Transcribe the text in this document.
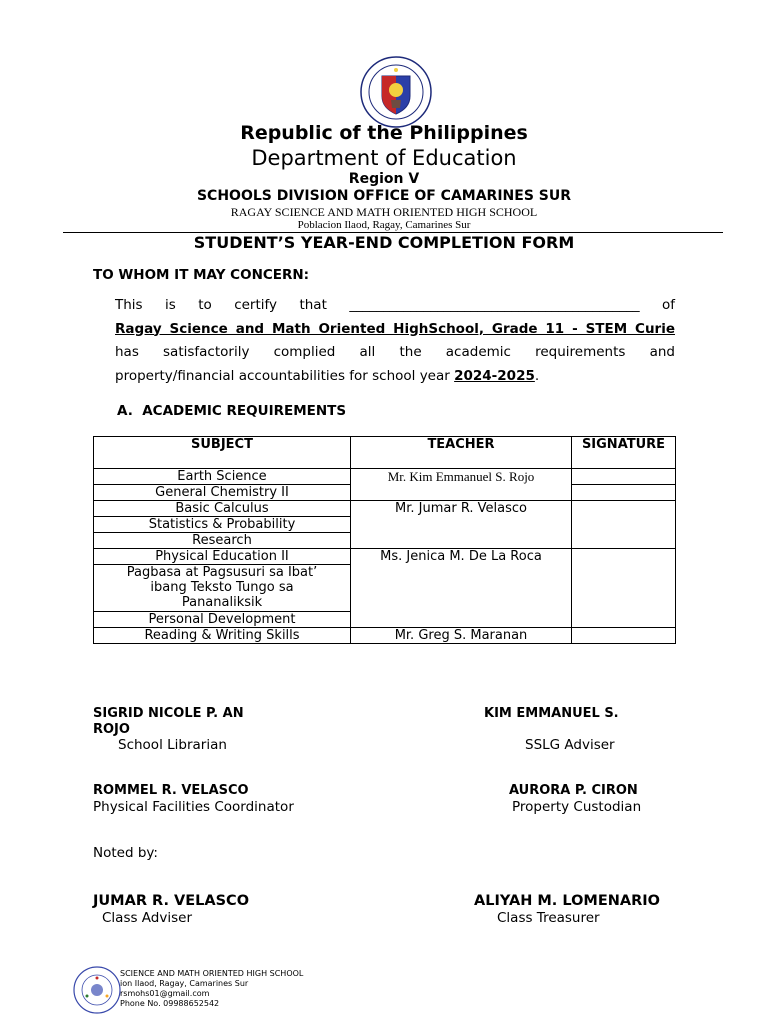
Republic of the Philippines
Department of Education
Region V
SCHOOLS DIVISION OFFICE OF CAMARINES SUR
RAGAY SCIENCE AND MATH ORIENTED HIGH SCHOOL
Poblacion Ilaod, Ragay, Camarines Sur
STUDENT’S YEAR-END COMPLETION FORM
TO WHOM IT MAY CONCERN:
This is to certify that ___________________________________________ of
Ragay Science and Math Oriented HighSchool, Grade 11 - STEM Curie
has satisfactorily complied all the academic requirements and
property/financial accountabilities for school year 2024-2025.
A. ACADEMIC REQUIREMENTS
SUBJECT	TEACHER	SIGNATURE

Earth Science	Mr. Kim Emmanuel S. Rojo	
General Chemistry II		
Basic Calculus	Mr. Jumar R. Velasco	
Statistics & Probability		
Research		
Physical Education II	Ms. Jenica M. De La Roca	

Pagbasa at Pagsusuri sa Ibat’ ibang Teksto Tungo sa Pananaliksik		

Personal Development		
Reading & Writing Skills	Mr. Greg S. Maranan	
SIGRID NICOLE P. AN
ROJO
School Librarian
KIM EMMANUEL S.
SSLG Adviser
ROMMEL R. VELASCO
Physical Facilities Coordinator
AURORA P. CIRON
Property Custodian
Noted by:
JUMAR R. VELASCO
Class Adviser
ALIYAH M. LOMENARIO
Class Treasurer
SCIENCE AND MATH ORIENTED HIGH SCHOOL
ion Ilaod, Ragay, Camarines Sur
rsmohs01@gmail.com
Phone No. 09988652542
